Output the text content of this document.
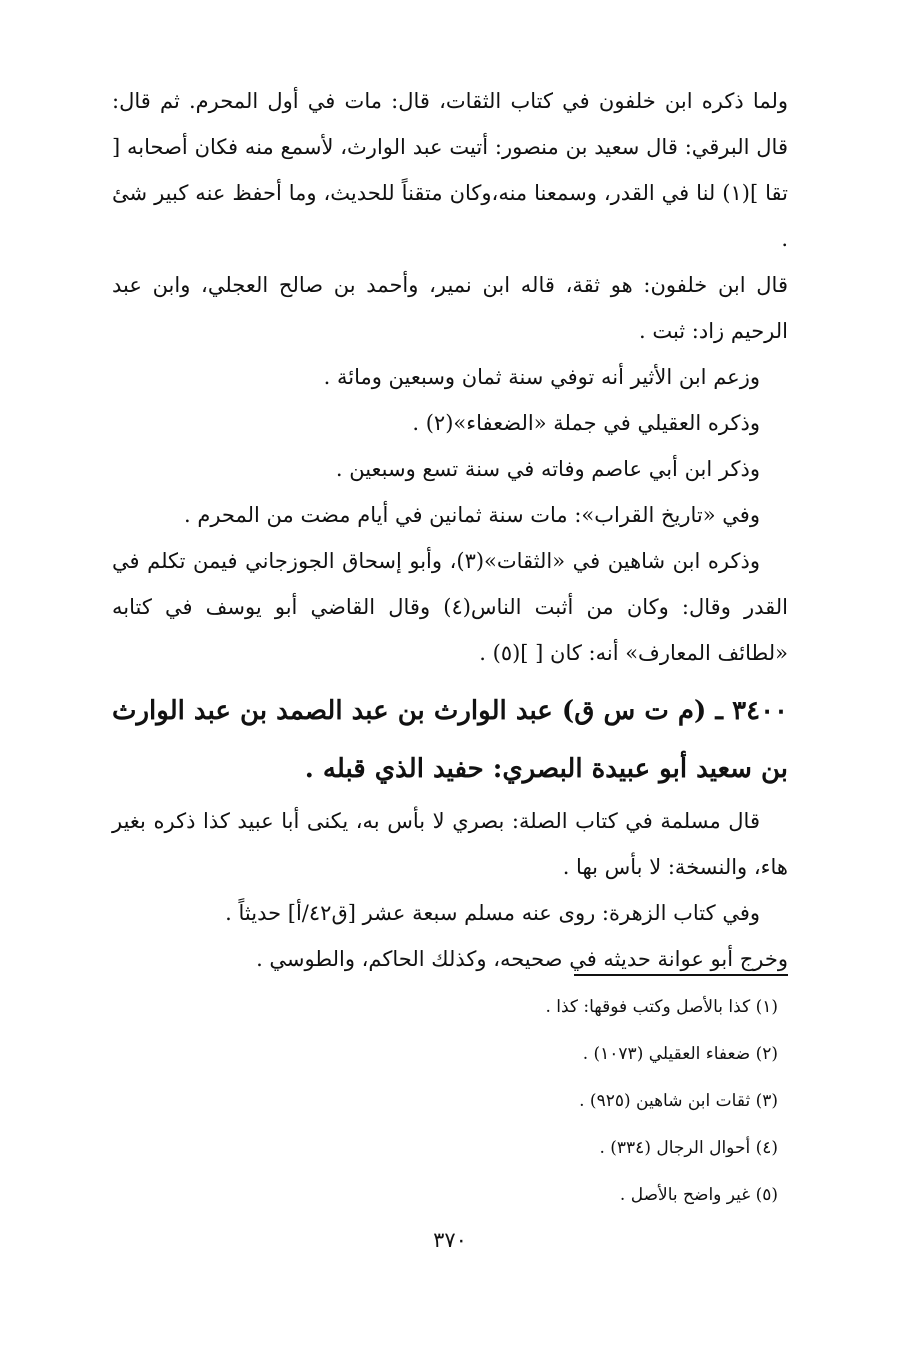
ولما ذكره ابن خلفون في كتاب الثقات، قال: مات في أول المحرم. ثم قال: قال البرقي: قال سعيد بن منصور: أتيت عبد الوارث، لأسمع منه فكان أصحابه [ تقا ](١) لنا في القدر، وسمعنا منه،وكان متقناً للحديث، وما أحفظ عنه كبير شئ .

قال ابن خلفون: هو ثقة، قاله ابن نمير، وأحمد بن صالح العجلي، وابن عبد الرحيم زاد: ثبت .

وزعم ابن الأثير أنه توفي سنة ثمان وسبعين ومائة .

وذكره العقيلي في جملة «الضعفاء»(٢) .

وذكر ابن أبي عاصم وفاته في سنة تسع وسبعين .

وفي «تاريخ القراب»: مات سنة ثمانين في أيام مضت من المحرم .

وذكره ابن شاهين في «الثقات»(٣)، وأبو إسحاق الجوزجاني فيمن تكلم في القدر وقال: وكان من أثبت الناس(٤) وقال القاضي أبو يوسف في كتابه «لطائف المعارف» أنه: كان [ ](٥) .

٣٤٠٠ ـ (م ت س ق) عبد الوارث بن عبد الصمد بن عبد الوارث بن سعيد أبو عبيدة البصري: حفيد الذي قبله .

قال مسلمة في كتاب الصلة: بصري لا بأس به، يكنى أبا عبيد كذا ذكره بغير هاء، والنسخة: لا بأس بها .

وفي كتاب الزهرة: روى عنه مسلم سبعة عشر [ق٤٢/أ] حديثاً .

وخرج أبو عوانة حديثه في صحيحه، وكذلك الحاكم، والطوسي .

(١) كذا بالأصل وكتب فوقها: كذا .

(٢) ضعفاء العقيلي (١٠٧٣) .

(٣) ثقات ابن شاهين (٩٢٥) .

(٤) أحوال الرجال (٣٣٤) .

(٥) غير واضح بالأصل .

٣٧٠
